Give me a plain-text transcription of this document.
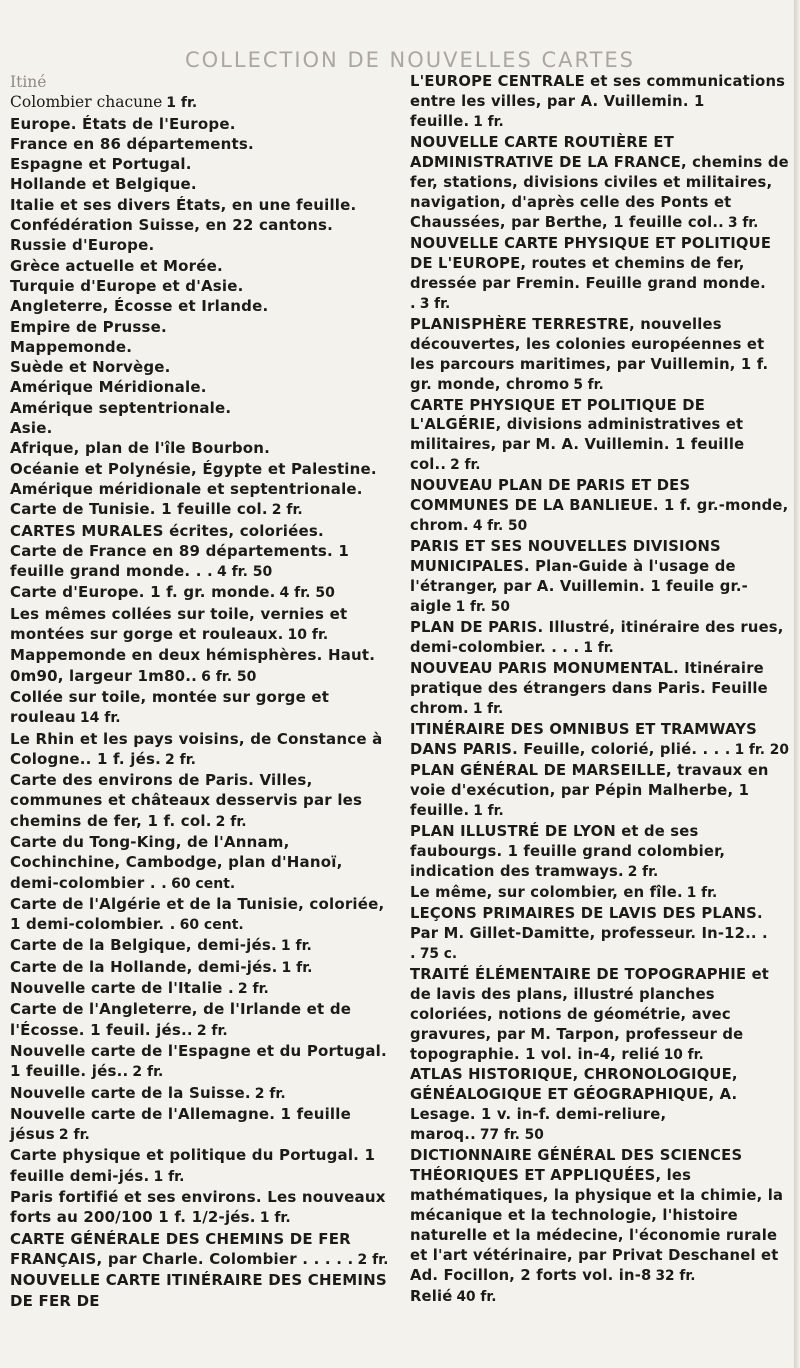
COLLECTION DE NOUVELLES CARTES

Itiné

Colombier chacune 1 fr.

Europe. États de l'Europe.

France en 86 départements.

Espagne et Portugal.

Hollande et Belgique.

Italie et ses divers États, en une feuille.

Confédération Suisse, en 22 cantons.

Russie d'Europe.

Grèce actuelle et Morée.

Turquie d'Europe et d'Asie.

Angleterre, Écosse et Irlande.

Empire de Prusse.

Mappemonde.

Suède et Norvège.

Amérique Méridionale.

Amérique septentrionale.

Asie.

Afrique, plan de l'île Bourbon.

Océanie et Polynésie, Égypte et Palestine.

Amérique méridionale et septentrionale.

Carte de Tunisie. 1 feuille col. 2 fr.

CARTES MURALES écrites, coloriées.

Carte de France en 89 départements. 1 feuille grand monde. . . 4 fr. 50

Carte d'Europe. 1 f. gr. monde. 4 fr. 50

Les mêmes collées sur toile, vernies et montées sur gorge et rouleaux. 10 fr.

Mappemonde en deux hémisphères. Haut. 0m90, largeur 1m80.. 6 fr. 50

Collée sur toile, montée sur gorge et rouleau 14 fr.

Le Rhin et les pays voisins, de Constance à Cologne.. 1 f. jés. 2 fr.

Carte des environs de Paris. Villes, communes et châteaux desservis par les chemins de fer, 1 f. col. 2 fr.

Carte du Tong-King, de l'Annam, Cochinchine, Cambodge, plan d'Hanoï, demi-colombier . . 60 cent.

Carte de l'Algérie et de la Tunisie, coloriée, 1 demi-colombier. . 60 cent.

Carte de la Belgique, demi-jés. 1 fr.

Carte de la Hollande, demi-jés. 1 fr.

Nouvelle carte de l'Italie . 2 fr.

Carte de l'Angleterre, de l'Irlande et de l'Écosse. 1 feuil. jés.. 2 fr.

Nouvelle carte de l'Espagne et du Portugal. 1 feuille. jés.. 2 fr.

Nouvelle carte de la Suisse. 2 fr.

Nouvelle carte de l'Allemagne. 1 feuille jésus 2 fr.

Carte physique et politique du Portugal. 1 feuille demi-jés. 1 fr.

Paris fortifié et ses environs. Les nouveaux forts au 200/100 1 f. 1/2-jés. 1 fr.

CARTE GÉNÉRALE DES CHEMINS DE FER FRANÇAIS, par Charle. Colombier . . . . . 2 fr.

NOUVELLE CARTE ITINÉRAIRE DES CHEMINS DE FER DE

L'EUROPE CENTRALE et ses communications entre les villes, par A. Vuillemin. 1 feuille. 1 fr.

NOUVELLE CARTE ROUTIÈRE ET ADMINISTRATIVE DE LA FRANCE, chemins de fer, stations, divisions civiles et militaires, navigation, d'après celle des Ponts et Chaussées, par Berthe, 1 feuille col.. 3 fr.

NOUVELLE CARTE PHYSIQUE ET POLITIQUE DE L'EUROPE, routes et chemins de fer, dressée par Fremin. Feuille grand monde. . 3 fr.

PLANISPHÈRE TERRESTRE, nouvelles découvertes, les colonies européennes et les parcours maritimes, par Vuillemin, 1 f. gr. monde, chromo 5 fr.

CARTE PHYSIQUE ET POLITIQUE DE L'ALGÉRIE, divisions administratives et militaires, par M. A. Vuillemin. 1 feuille col.. 2 fr.

NOUVEAU PLAN DE PARIS ET DES COMMUNES DE LA BANLIEUE. 1 f. gr.-monde, chrom. 4 fr. 50

PARIS ET SES NOUVELLES DIVISIONS MUNICIPALES. Plan-Guide à l'usage de l'étranger, par A. Vuillemin. 1 feuile gr.-aigle 1 fr. 50

PLAN DE PARIS. Illustré, itinéraire des rues, demi-colombier. . . . 1 fr.

NOUVEAU PARIS MONUMENTAL. Itinéraire pratique des étrangers dans Paris. Feuille chrom. 1 fr.

ITINÉRAIRE DES OMNIBUS ET TRAMWAYS DANS PARIS. Feuille, colorié, plié. . . . 1 fr. 20

PLAN GÉNÉRAL DE MARSEILLE, travaux en voie d'exécution, par Pépin Malherbe, 1 feuille. 1 fr.

PLAN ILLUSTRÉ DE LYON et de ses faubourgs. 1 feuille grand colombier, indication des tramways. 2 fr.

Le même, sur colombier, en fîle. 1 fr.

LEÇONS PRIMAIRES DE LAVIS DES PLANS. Par M. Gillet-Damitte, professeur. In-12.. . . 75 c.

TRAITÉ ÉLÉMENTAIRE DE TOPOGRAPHIE et de lavis des plans, illustré planches coloriées, notions de géométrie, avec gravures, par M. Tarpon, professeur de topographie. 1 vol. in-4, relié 10 fr.

ATLAS HISTORIQUE, CHRONOLOGIQUE, GÉNÉALOGIQUE ET GÉOGRAPHIQUE, A. Lesage. 1 v. in-f. demi-reliure, maroq.. 77 fr. 50

DICTIONNAIRE GÉNÉRAL DES SCIENCES THÉORIQUES ET APPLIQUÉES, les mathématiques, la physique et la chimie, la mécanique et la technologie, l'histoire naturelle et la médecine, l'économie rurale et l'art vétérinaire, par Privat Deschanel et Ad. Focillon, 2 forts vol. in-8 32 fr.

Relié 40 fr.
